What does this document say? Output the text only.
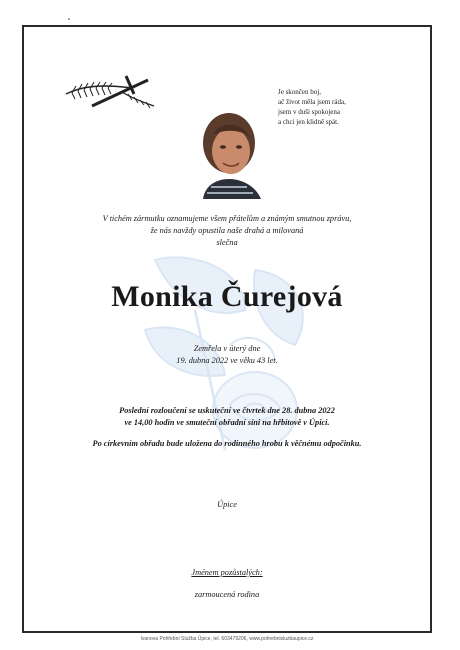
Je skončen boj,
ač život měla jsem ráda,
jsem v duši spokojena
a chci jen klidně spát.
V tichém zármutku oznamujeme všem přátelům a známým smutnou zprávu,
že nás navždy opustila naše drahá a milovaná
slečna
Monika Čurejová
Zemřela v úterý dne
19. dubna 2022 ve věku 43 let.
Poslední rozloučení se uskuteční ve čtvrtek dne 28. dubna 2022
ve 14,00 hodin ve smuteční obřadní síni na hřbitově v Úpici.
Po církevním obřadu bude uložena do rodinného hrobu k věčnému odpočinku.
Úpice
Jménem pozůstalých:
zarmoucená rodina
Ivanova Pohřební Služba Úpice, tel. 603479206, www.pohrebnisluzbaupice.cz
